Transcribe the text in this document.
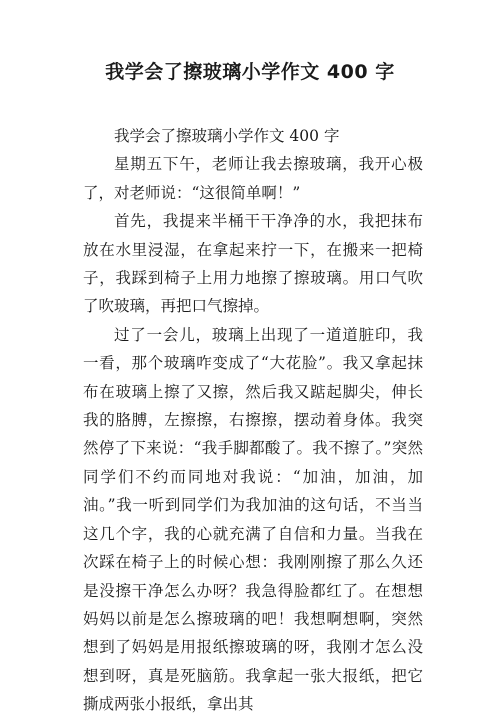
我学会了擦玻璃小学作文 400 字

我学会了擦玻璃小学作文 400 字

星期五下午，老师让我去擦玻璃，我开心极了，对老师说：“这很简单啊！”

首先，我提来半桶干干净净的水，我把抹布放在水里浸湿，在拿起来拧一下，在搬来一把椅子，我踩到椅子上用力地擦了擦玻璃。用口气吹了吹玻璃，再把口气擦掉。

过了一会儿，玻璃上出现了一道道脏印，我一看，那个玻璃咋变成了“大花脸”。我又拿起抹布在玻璃上擦了又擦，然后我又踮起脚尖，伸长我的胳膊，左擦擦，右擦擦，摆动着身体。我突然停了下来说：“我手脚都酸了。我不擦了。”突然同学们不约而同地对我说：“加油，加油，加油。”我一听到同学们为我加油的这句话，不当当这几个字，我的心就充满了自信和力量。当我在次踩在椅子上的时候心想：我刚刚擦了那么久还是没擦干净怎么办呀？我急得脸都红了。在想想妈妈以前是怎么擦玻璃的吧！我想啊想啊，突然想到了妈妈是用报纸擦玻璃的呀，我刚才怎么没想到呀，真是死脑筋。我拿起一张大报纸，把它撕成两张小报纸，拿出其
